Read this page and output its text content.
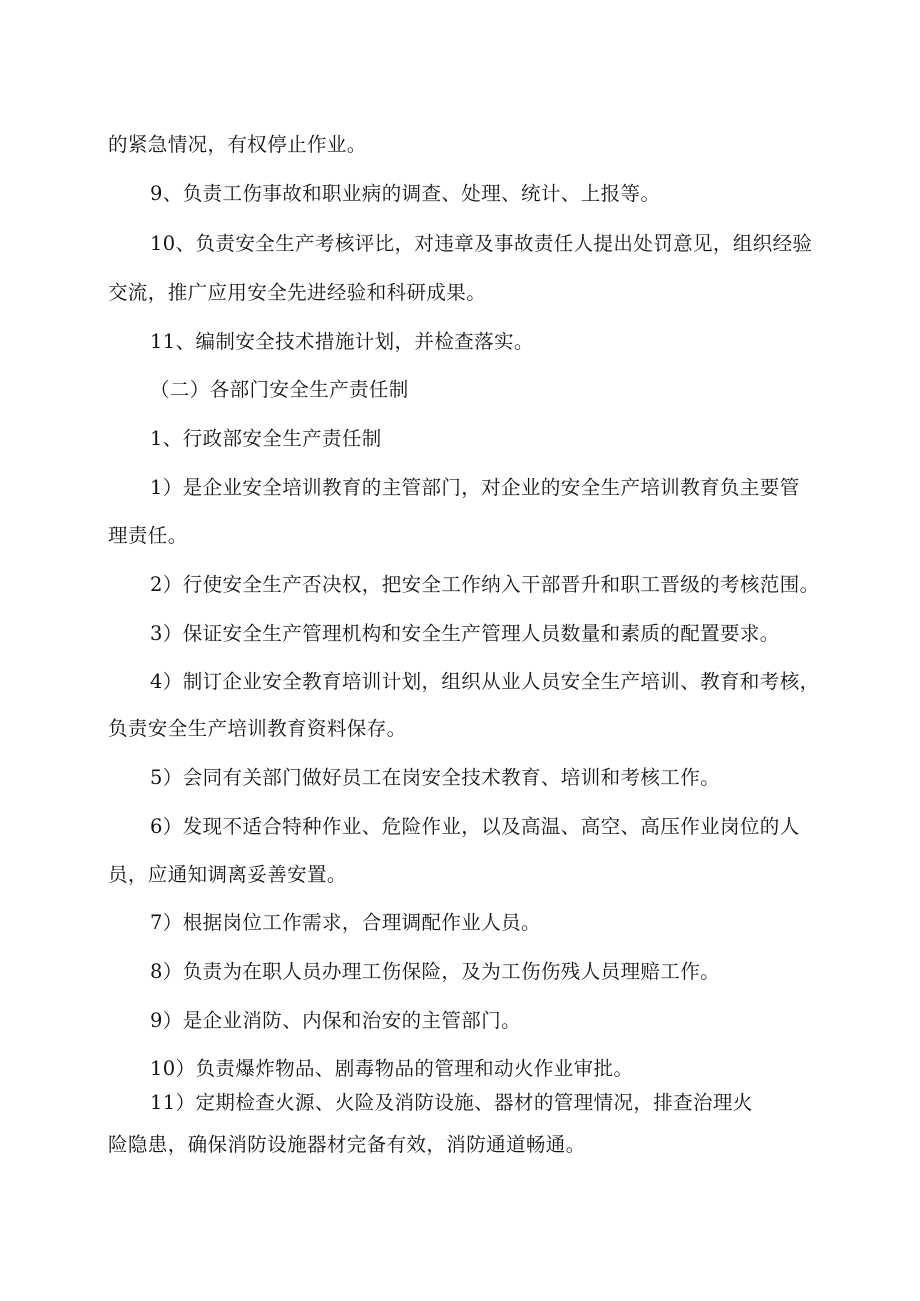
的紧急情况，有权停止作业。
9、负责工伤事故和职业病的调查、处理、统计、上报等。
10、负责安全生产考核评比，对违章及事故责任人提出处罚意见，组织经验
交流，推广应用安全先进经验和科研成果。
11、编制安全技术措施计划，并检查落实。
（二）各部门安全生产责任制
1、行政部安全生产责任制
1）是企业安全培训教育的主管部门，对企业的安全生产培训教育负主要管
理责任。
2）行使安全生产否决权，把安全工作纳入干部晋升和职工晋级的考核范围。
3）保证安全生产管理机构和安全生产管理人员数量和素质的配置要求。
4）制订企业安全教育培训计划，组织从业人员安全生产培训、教育和考核，
负责安全生产培训教育资料保存。
5）会同有关部门做好员工在岗安全技术教育、培训和考核工作。
6）发现不适合特种作业、危险作业，以及高温、高空、高压作业岗位的人
员，应通知调离妥善安置。
7）根据岗位工作需求，合理调配作业人员。
8）负责为在职人员办理工伤保险，及为工伤伤残人员理赔工作。
9）是企业消防、内保和治安的主管部门。
10）负责爆炸物品、剧毒物品的管理和动火作业审批。
11）定期检查火源、火险及消防设施、器材的管理情况，排查治理火
险隐患，确保消防设施器材完备有效，消防通道畅通。
